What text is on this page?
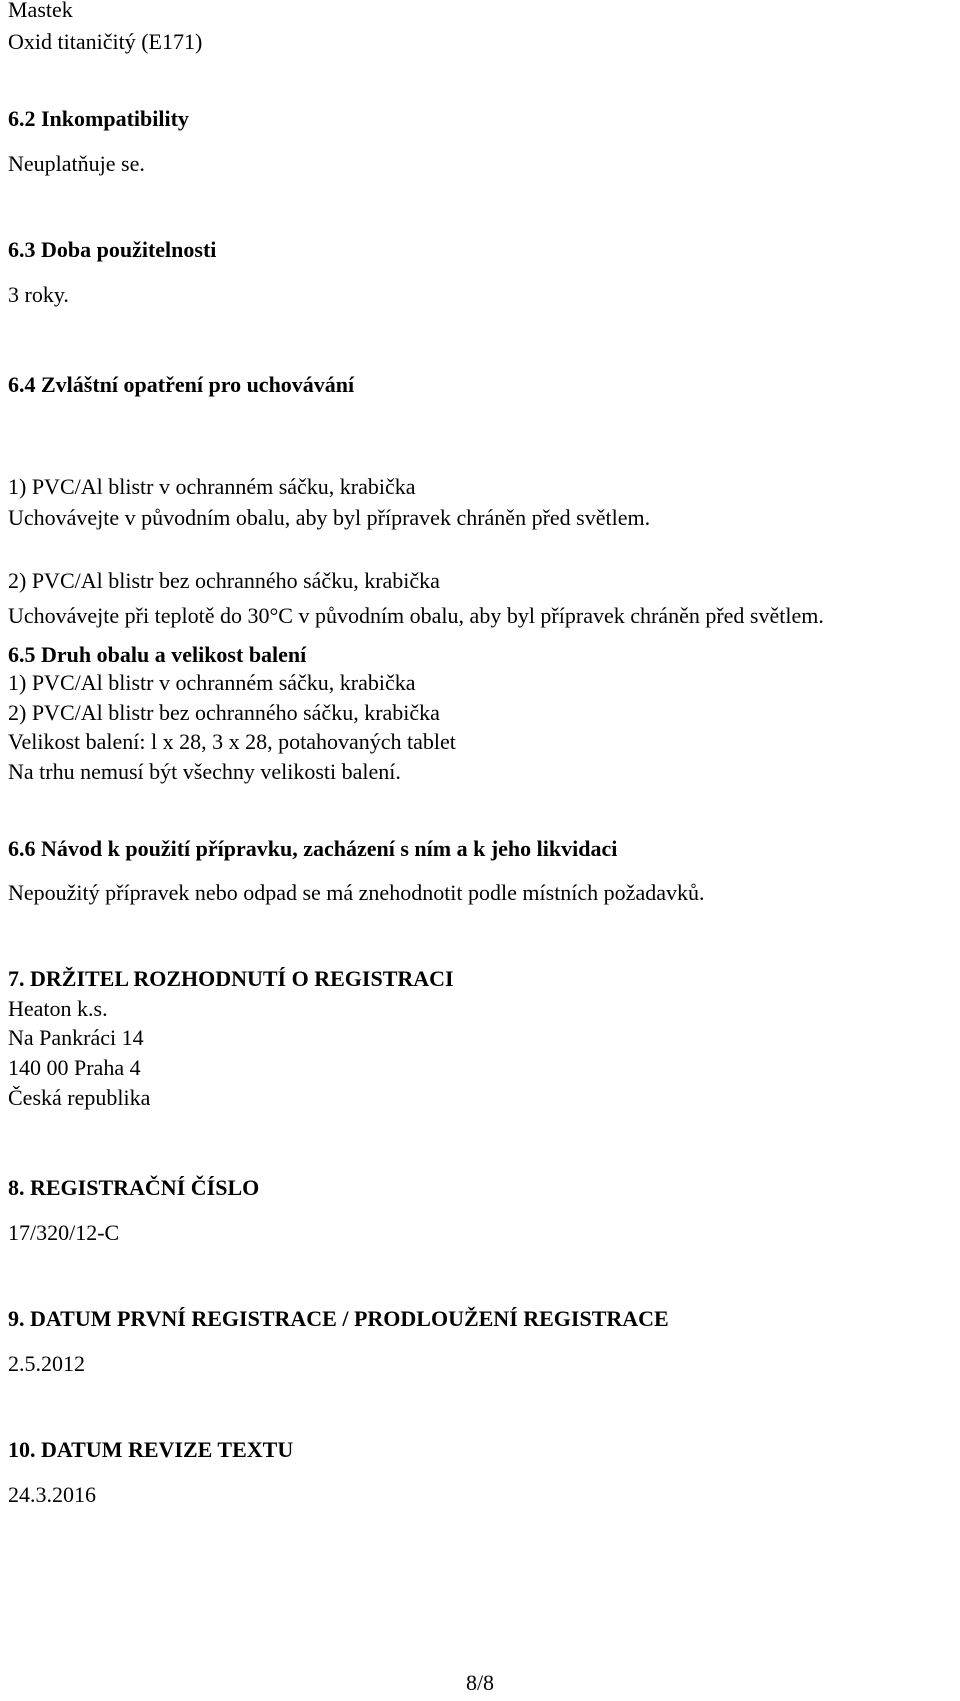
Mastek

Oxid titaničitý (E171)

6.2 Inkompatibility

Neuplatňuje se.

6.3 Doba použitelnosti

3 roky.

6.4 Zvláštní opatření pro uchovávání

1) PVC/Al blistr v ochranném sáčku, krabička

Uchovávejte v původním obalu, aby byl přípravek chráněn před světlem.

2) PVC/Al blistr bez ochranného sáčku, krabička

Uchovávejte při teplotě do 30°C v původním obalu, aby byl přípravek chráněn před světlem.

6.5 Druh obalu a velikost balení

1) PVC/Al blistr v ochranném sáčku, krabička

2) PVC/Al blistr bez ochranného sáčku, krabička

Velikost balení: l x 28, 3 x 28, potahovaných tablet

Na trhu nemusí být všechny velikosti balení.

6.6 Návod k použití přípravku, zacházení s ním a k jeho likvidaci

Nepoužitý přípravek nebo odpad se má znehodnotit podle místních požadavků.

7. DRŽITEL ROZHODNUTÍ O REGISTRACI

Heaton k.s.

Na Pankráci 14

140 00 Praha 4

Česká republika

8. REGISTRAČNÍ ČÍSLO

17/320/12-C

9. DATUM PRVNÍ REGISTRACE / PRODLOUŽENÍ REGISTRACE

2.5.2012

10. DATUM REVIZE TEXTU

24.3.2016

8/8
